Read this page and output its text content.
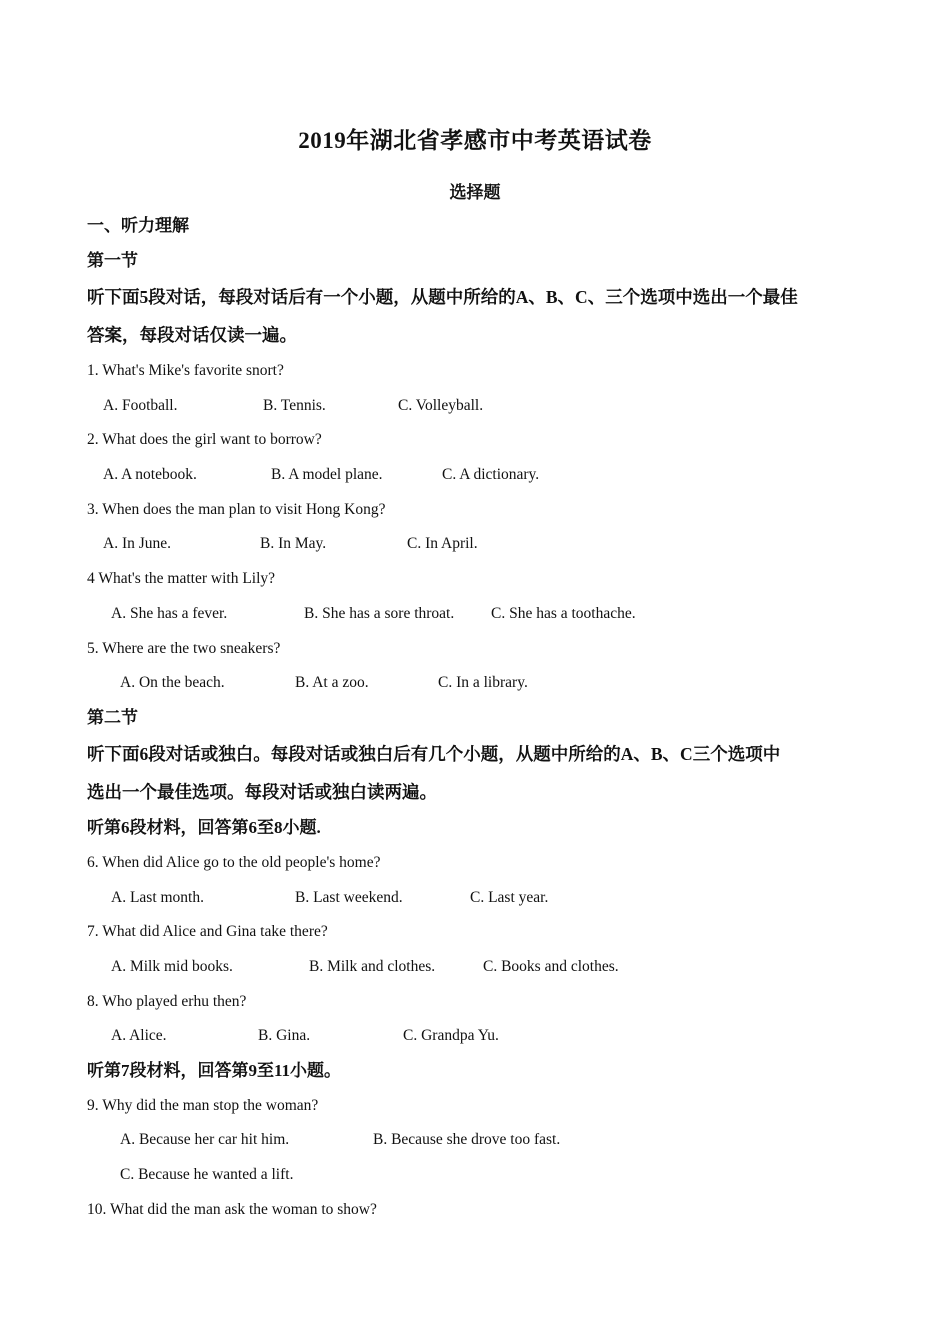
2019年湖北省孝感市中考英语试卷
选择题

一、听力理解

第一节

听下面5段对话，每段对话后有一个小题，从题中所给的A、B、C、三个选项中选出一个最佳

答案，每段对话仅读一遍。

1. What's Mike's favorite snort?

A. Football.	B. Tennis.	C. Volleyball.

2. What does the girl want to borrow?

A. A notebook.	B. A model plane.	C. A dictionary.

3. When does the man plan to visit Hong Kong?

A. In June.	B. In May.	C. In April.

4 What's the matter with Lily?

A. She has a fever.	B. She has a sore throat. C. She has a toothache.

5. Where are the two sneakers?

A. On the beach.	B. At a zoo.	C. In a library.

第二节

听下面6段对话或独白。每段对话或独白后有几个小题，从题中所给的A、B、C三个选项中

选出一个最佳选项。每段对话或独白读两遍。

听第6段材料，回答第6至8小题.

6. When did Alice go to the old people's home?

A. Last month.	B. Last weekend.	C. Last year.

7. What did Alice and Gina take there?

A. Milk mid books.	B. Milk and clothes.	C. Books and clothes.

8. Who played erhu then?

A. Alice.	B. Gina.	C. Grandpa Yu.

听第7段材料，回答第9至11小题。

9. Why did the man stop the woman?

A. Because her car hit him.	B. Because she drove too fast.
C. Because he wanted a lift.

10. What did the man ask the woman to show?
